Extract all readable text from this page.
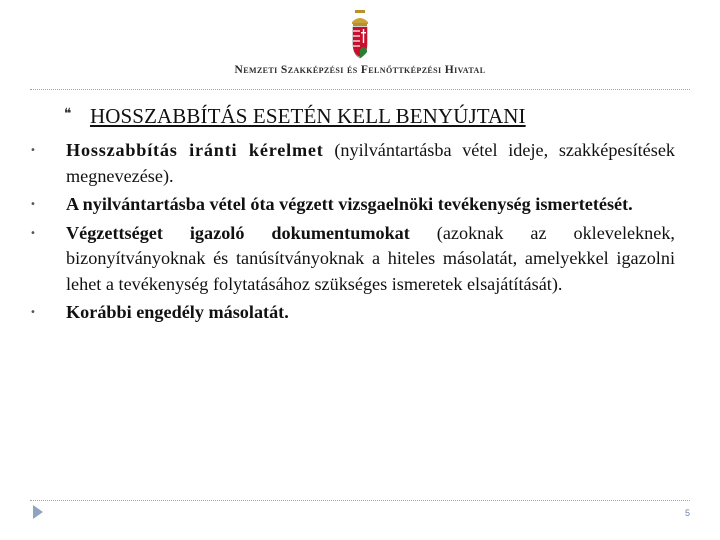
Nemzeti Szakképzési és Felnőttképzési Hivatal
❝ HOSSZABBÍTÁS ESETÉN KELL BENYÚJTANI
• Hosszabbítás iránti kérelmet (nyilvántartásba vétel ideje, szakképesítések megnevezése).
• A nyilvántartásba vétel óta végzett vizsgaelnöki tevékenység ismertetését.
• Végzettséget igazoló dokumentumokat (azoknak az okleveleknek, bizonyítványoknak és tanúsítványoknak a hiteles másolatát, amelyekkel igazolni lehet a tevékenység folytatásához szükséges ismeretek elsajátítását).
• Korábbi engedély másolatát.
5
